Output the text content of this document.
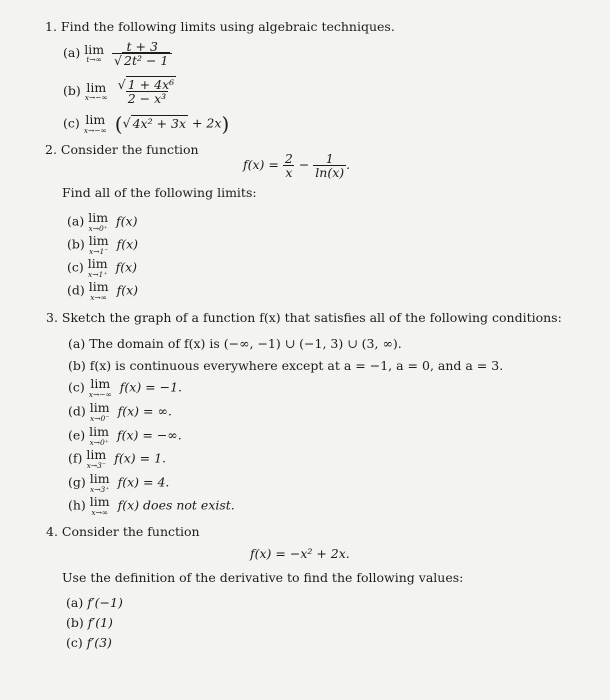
1. Find the following limits using algebraic techniques.
(a) lim
t→∞
$\frac{t + 3}{\text{√ 2t² − 1}}$
(b) lim
x→−∞
$\frac{\text{√ 1 + 4x⁶}}{\text{2 − x³}}$
(c) lim
x→−∞ (√ 4x² + 3x + 2x)
2. Consider the function
$f(x) = \frac{2}{x} - \frac{1}{\ln(x)}$ .
Find all of the following limits:
(a) lim
x→0⁺ f(x)
(b) lim
x→1⁻ f(x)
(c) lim
x→1⁺ f(x)
(d) lim
x→∞ f(x)
3. Sketch the graph of a function f(x) that satisfies all of the following conditions:
(a) The domain of f(x) is (−∞, −1) ∪ (−1, 3) ∪ (3, ∞).
(b) f(x) is continuous everywhere except at a = −1, a = 0, and a = 3.
(c) lim
x→−∞ f(x) = −1.
(d) lim
x→0⁻ f(x) = ∞.
(e) lim
x→0⁺ f(x) = −∞.
(f) lim
x→3⁻ f(x) = 1.
(g) lim
x→3⁺ f(x) = 4.
(h) lim
x→∞ f(x) does not exist.
4. Consider the function
f(x) = −x² + 2x.
Use the definition of the derivative to find the following values:
(a) f′(−1)
(b) f′(1)
(c) f′(3)
